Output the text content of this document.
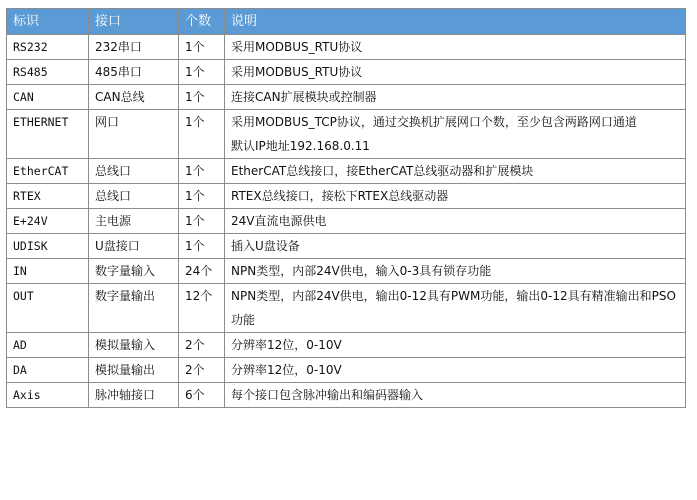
标识	接口	个数	说明
RS232	232串口	1个	采用MODBUS_RTU协议
RS485	485串口	1个	采用MODBUS_RTU协议
CAN	CAN总线	1个	连接CAN扩展模块或控制器
ETHERNET	网口	1个	采用MODBUS_TCP协议，通过交换机扩展网口个数，至少包含两路网口通道
默认IP地址192.168.0.11

EtherCAT	总线口	1个	EtherCAT总线接口，接EtherCAT总线驱动器和扩展模块
RTEX	总线口	1个	RTEX总线接口，接松下RTEX总线驱动器
E+24V	主电源	1个	24V直流电源供电
UDISK	U盘接口	1个	插入U盘设备
IN	数字量输入	24个	NPN类型，内部24V供电，输入0-3具有锁存功能
OUT	数字量输出	12个	NPN类型，内部24V供电，输出0-12具有PWM功能，输出0-12具有精准输出和PSO功能
AD	模拟量输入	2个	分辨率12位，0-10V
DA	模拟量输出	2个	分辨率12位，0-10V
Axis	脉冲轴接口	6个	每个接口包含脉冲输出和编码器输入
